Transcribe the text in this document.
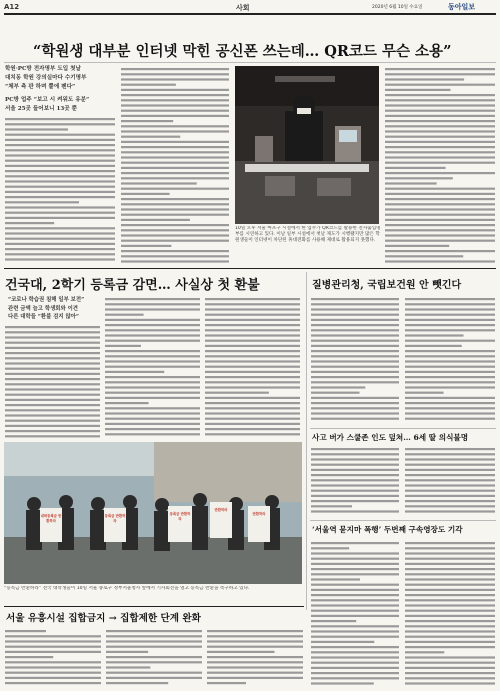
A12	사회	2020년 6월 10일 수요일	동아일보
“학원생 대부분 인터넷 막힌 공신폰 쓰는데… QR코드 무슨 소용”
학원·PC방 전자명부 도입 첫날
대치동 학원 강의실마다 수기명부
“체부 측 판 하며 뿔에 펜다”
PC방 업주 “보고 시 켜워도 유분”
서울 25곳 들어보니 13곳 뿐
10일 오후 서울 마포구 시설에서 한 업주가 QR코드를 활용한 전자출입명부를 시연하고 있다. 이날 일부 시설에서 첫날 제도가 시행됐지만 많은 학원생들이 인터넷이 차단된 휴대전화를 사용해 제대로 활용되지 못했다.
건국대, 2학기 등록금 감면… 사실상 첫 환불
“코로나 학습권 침해 일부 보전”
관련 금액 늘고 학생회와 이견
다른 대학들 “환불 검지 않아”
대학등록금 반환하라
등록금 반환하라
등록금 반환하라
반환하라
반환하라
“등록금 반환하라” 전국 대학생들이 10일 서울 종로구 정부서울청사 앞에서 기자회견을 열고 등록금 반환을 촉구하고 있다.
질병관리청, 국립보건원 안 뺏긴다
사고 버가 스쿨존 인도 덮쳐… 6세 딸 의식불명
‘서울역 묻지마 폭행’ 두번째 구속영장도 기각
서울 유흥시설 집합금지 → 집합제한 단계 완화
